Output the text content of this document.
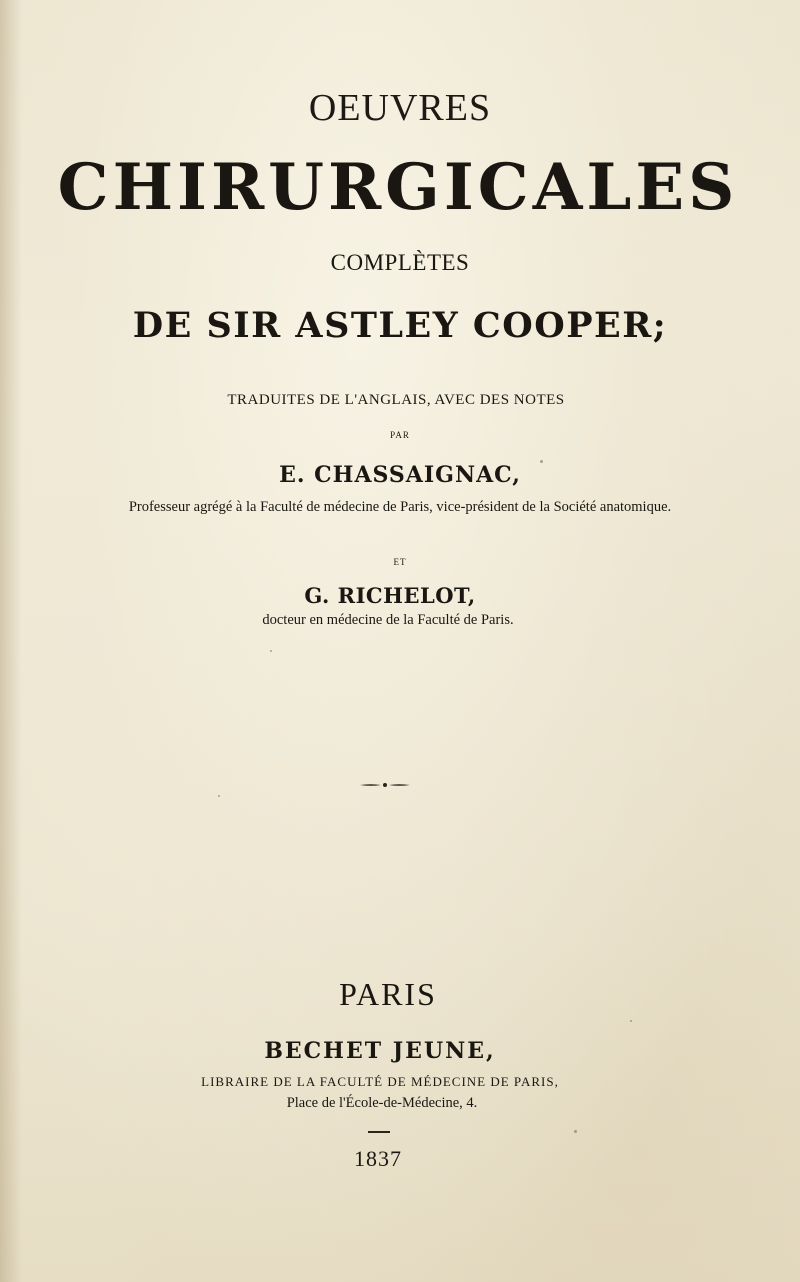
OEUVRES
CHIRURGICALES
COMPLÈTES
DE SIR ASTLEY COOPER;
TRADUITES DE L'ANGLAIS, AVEC DES NOTES
PAR
E. CHASSAIGNAC,
Professeur agrégé à la Faculté de médecine de Paris, vice-président de la Société anatomique.
ET
G. RICHELOT,
docteur en médecine de la Faculté de Paris.
PARIS
BECHET JEUNE,
LIBRAIRE DE LA FACULTÉ DE MÉDECINE DE PARIS,
Place de l'École-de-Médecine, 4.
1837
